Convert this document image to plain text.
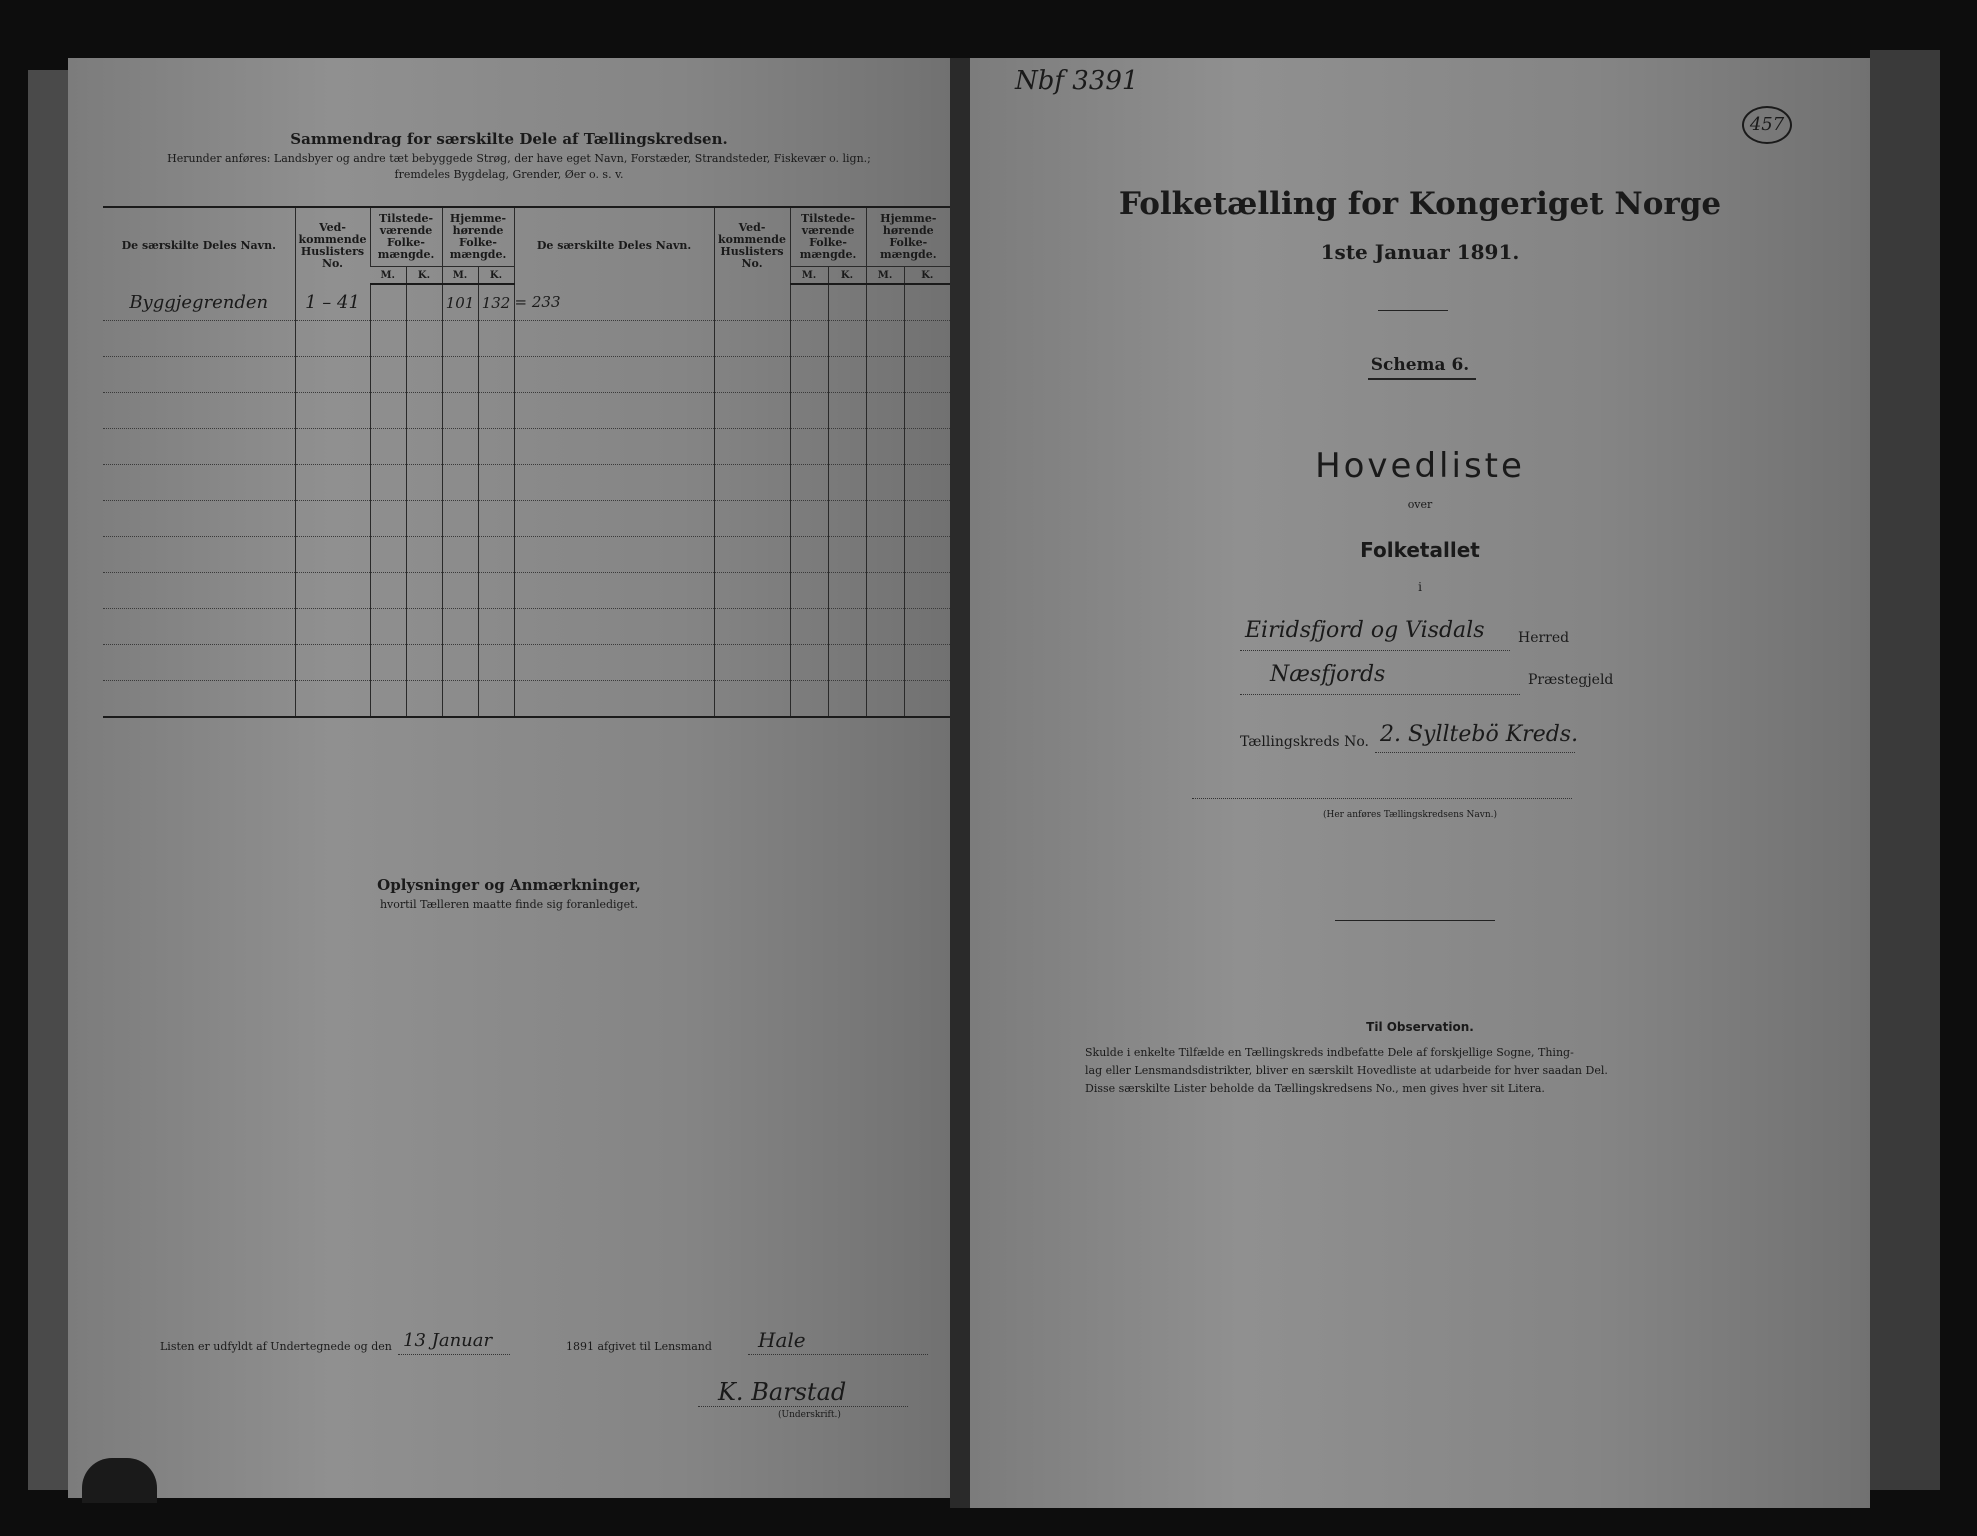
Sammendrag for særskilte Dele af Tællingskredsen.
Herunder anføres: Landsbyer og andre tæt bebyggede Strøg, der have eget Navn, Forstæder, Strandsteder, Fiskevær o. lign.;
fremdeles Bygdelag, Grender, Øer o. s. v.
De særskilte Deles Navn.	Ved-kommende Huslisters No.	Tilstede-værende Folke-mængde.		Hjemme-hørende Folke-mængde.		De særskilte Deles Navn.	Ved-kommende Huslisters No.	Tilstede-værende Folke-mængde.		Hjemme-hørende Folke-mængde.	
		M.	K.	M.	K.			M.	K.	M.	K.
Byggjegrenden	1 – 41			101	132	= 233					

Oplysninger og Anmærkninger,
hvortil Tælleren maatte finde sig foranlediget.
Listen er udfyldt af Undertegnede og den 13 Januar	1891 afgivet til Lensmand Hale
K. Barstad
(Underskrift.)
Nbf 3391
457
Folketælling for Kongeriget Norge
1ste Januar 1891.
Schema 6.
Hovedliste
over
Folketallet
i
Eiridsfjord og Visdals Herred
Næsfjords	Præstegjeld
Tællingskreds No. 2. Sylltebö Kreds.
(Her anføres Tællingskredsens Navn.)
Til Observation.
Skulde i enkelte Tilfælde en Tællingskreds indbefatte Dele af forskjellige Sogne, Thing-
lag eller Lensmandsdistrikter, bliver en særskilt Hovedliste at udarbeide for hver saadan Del.
Disse særskilte Lister beholde da Tællingskredsens No., men gives hver sit Litera.
